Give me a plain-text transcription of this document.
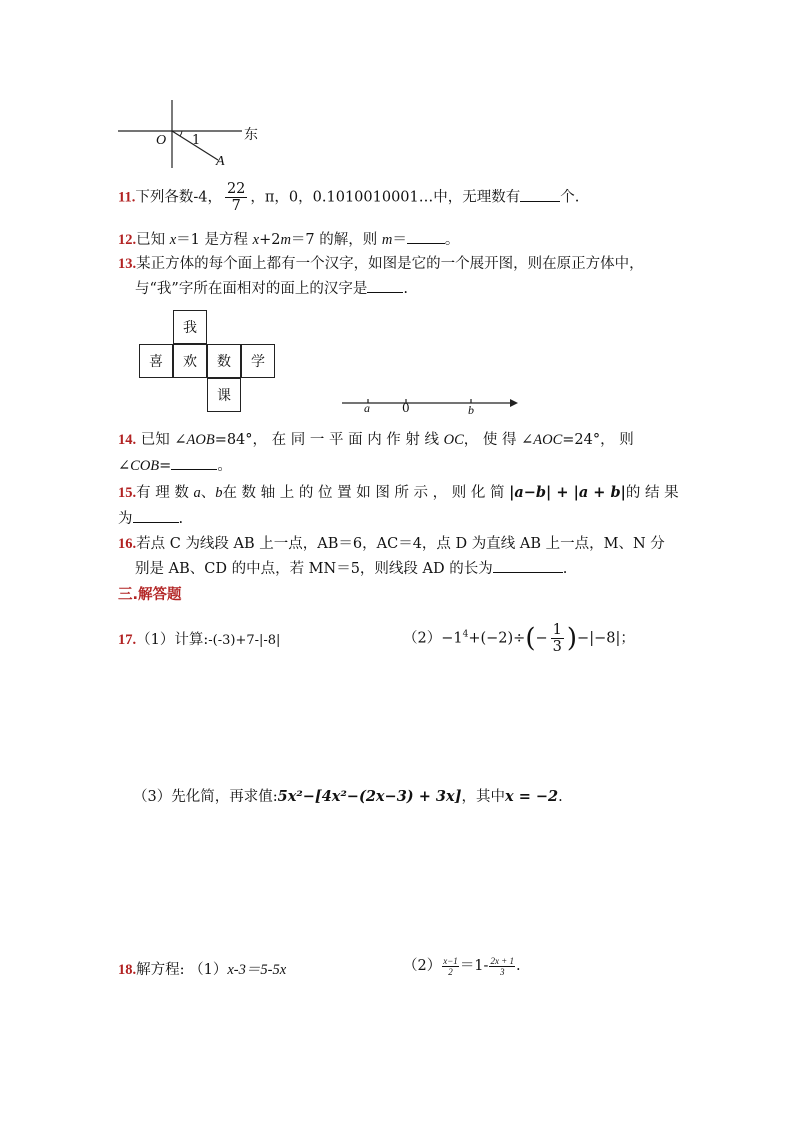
O 1
A
东
11.下列各数-4， $\frac{22}{7}$ ，π，0，0.1010010001…中，无理数有	个.
12.已知 x＝1 是方程 x+2m＝7 的解，则 m＝	。
13.某正方体的每个面上都有一个汉字，如图是它的一个展开图，则在原正方体中，
与“我”字所在面相对的面上的汉字是 .
我
喜	欢	数	学
课
a	0	b
14. 已知 ∠AOB=84°， 在 同 一 平 面 内 作 射 线 OC， 使 得 ∠AOC=24°， 则
∠COB=	。
15.有 理 数 a、b在 数 轴 上 的 位 置 如 图 所 示 ， 则 化 简 |a−b| + |a + b|的 结 果
为	.
16.若点 C 为线段 AB 上一点，AB＝6，AC＝4，点 D 为直线 AB 上一点，M、N 分
别是 AB、CD 的中点，若 MN＝5，则线段 AD 的长为	.
三.解答题
17.（1）计算:-(-3)+7-|-8|	$(2)-1^4+(-2)\div(- \frac{1}{3} )-|-8|$；
（3）先化简，再求值:5x²−[4x²−(2x−3) + 3x]，其中x = −2.
18.解方程: （1）x-3＝5-5x	$(2) \frac{x-1}{2} =1- \frac{2x + 1}{3}$ .
